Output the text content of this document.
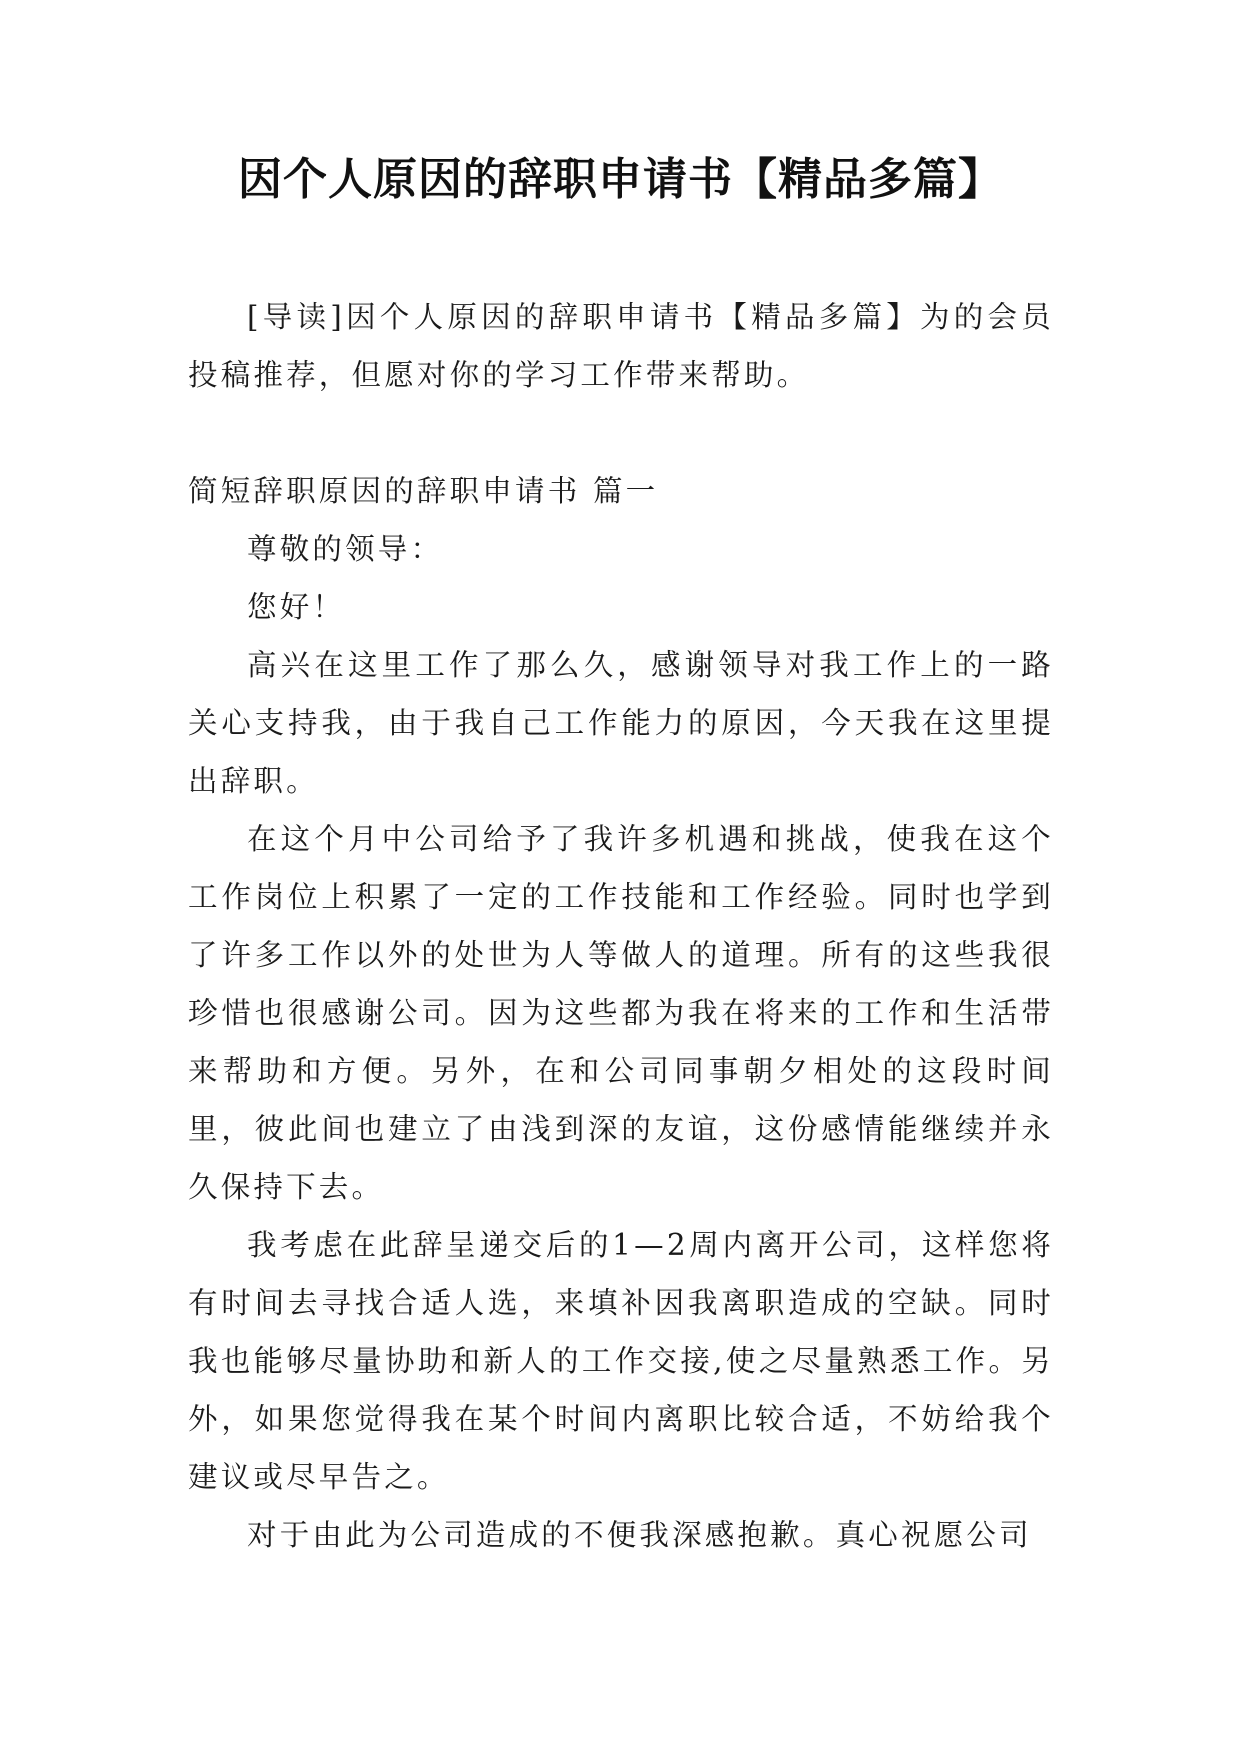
因个人原因的辞职申请书【精品多篇】

[导读]因个人原因的辞职申请书【精品多篇】为的会员投稿推荐，但愿对你的学习工作带来帮助。

简短辞职原因的辞职申请书 篇一

尊敬的领导：

您好！

高兴在这里工作了那么久，感谢领导对我工作上的一路关心支持我，由于我自己工作能力的原因，今天我在这里提出辞职。

在这个月中公司给予了我许多机遇和挑战，使我在这个工作岗位上积累了一定的工作技能和工作经验。同时也学到了许多工作以外的处世为人等做人的道理。所有的这些我很珍惜也很感谢公司。因为这些都为我在将来的工作和生活带来帮助和方便。另外，在和公司同事朝夕相处的这段时间里，彼此间也建立了由浅到深的友谊，这份感情能继续并永久保持下去。

我考虑在此辞呈递交后的1—2周内离开公司，这样您将有时间去寻找合适人选，来填补因我离职造成的空缺。同时我也能够尽量协助和新人的工作交接,使之尽量熟悉工作。另外，如果您觉得我在某个时间内离职比较合适，不妨给我个建议或尽早告之。

对于由此为公司造成的不便我深感抱歉。真心祝愿公司
